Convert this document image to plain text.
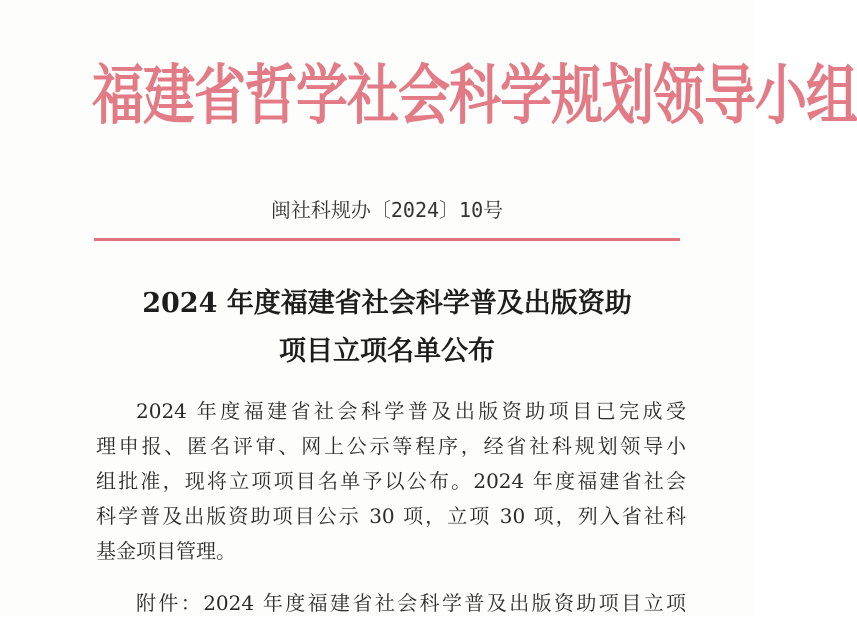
福建省哲学社会科学规划领导小组
闽社科规办〔2024〕10号
2024 年度福建省社会科学普及出版资助
项目立项名单公布
2024 年度福建省社会科学普及出版资助项目已完成受
理申报、匿名评审、网上公示等程序，经省社科规划领导小
组批准，现将立项项目名单予以公布。2024 年度福建省社会
科学普及出版资助项目公示 30 项，立项 30 项，列入省社科
基金项目管理。
附件：2024 年度福建省社会科学普及出版资助项目立项
